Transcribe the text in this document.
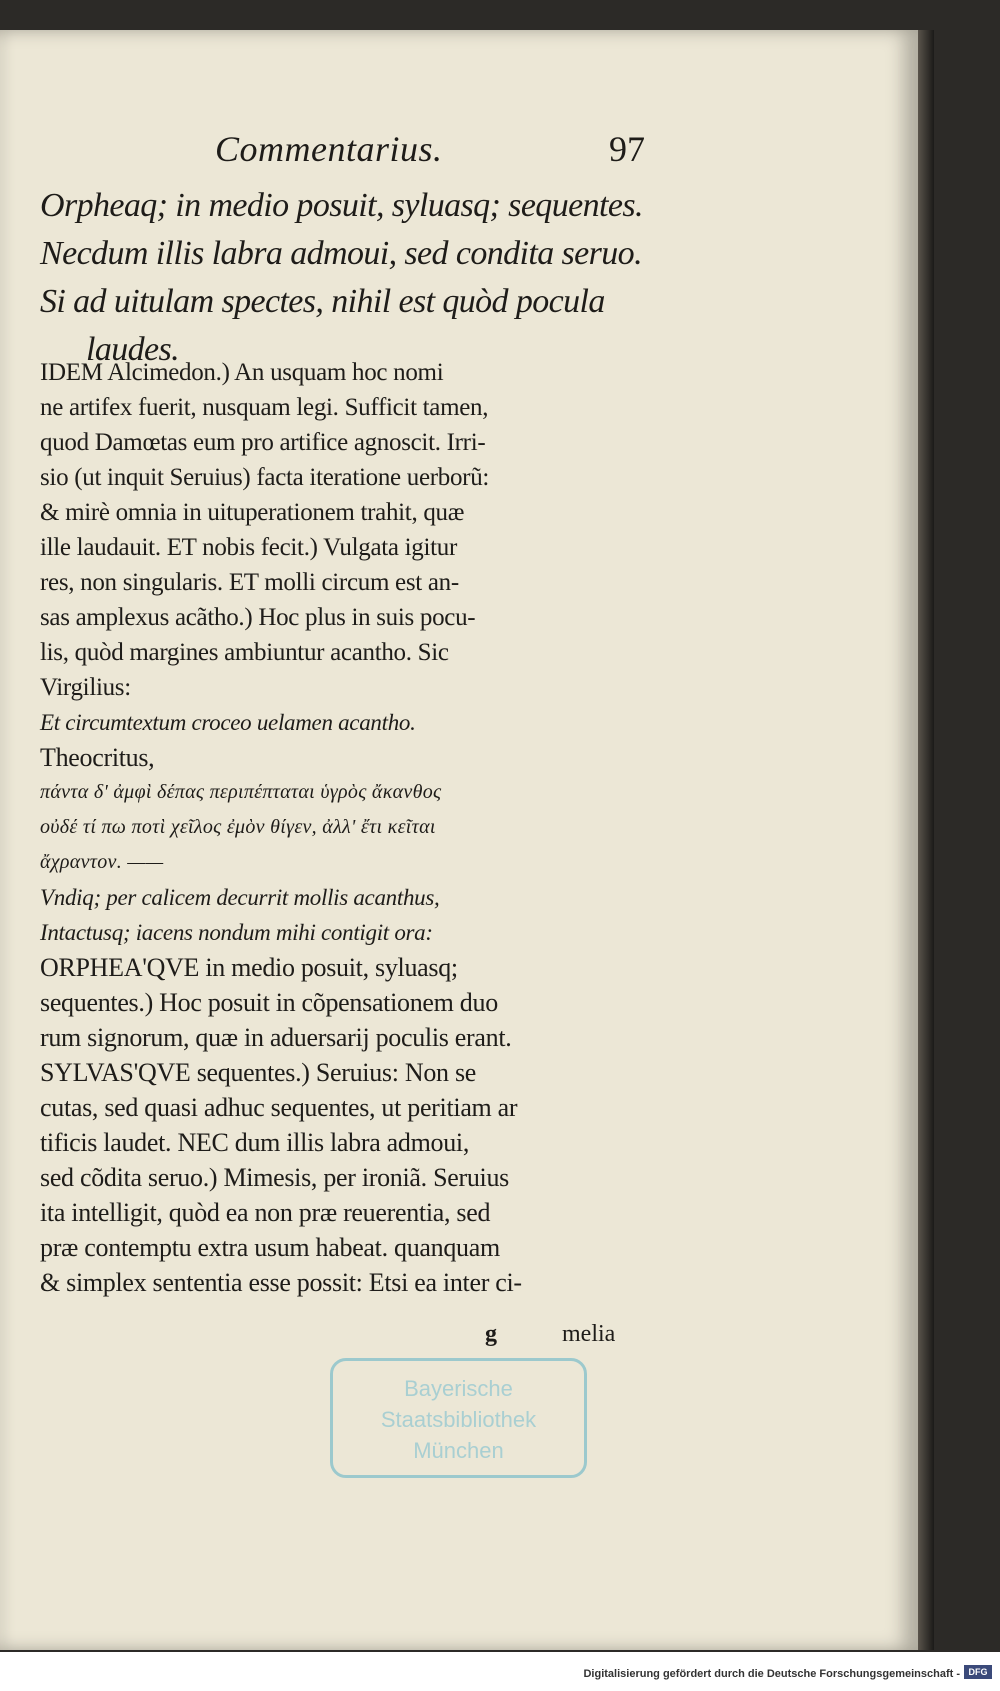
Commentarius.	97
Orpheaq; in medio posuit, syluasq; sequentes.
Necdum illis labra admoui, sed condita seruo.
Si ad uitulam spectes, nihil est quòd pocula
laudes.
IDEM Alcimedon.) An usquam hoc nomi
ne artifex fuerit, nusquam legi. Sufficit tamen,
quod Damœtas eum pro artifice agnoscit. Irri-
sio (ut inquit Seruius) facta iteratione uerborũ:
& mirè omnia in uituperationem trahit, quæ
ille laudauit. ET nobis fecit.) Vulgata igitur
res, non singularis. ET molli circum est an-
sas amplexus acãtho.) Hoc plus in suis pocu-
lis, quòd margines ambiuntur acantho. Sic
Virgilius:
Et circumtextum croceo uelamen acantho.
Theocritus,
πάντα δ' ἀμφὶ δέπας περιπέπταται ὑγρὸς ἄκανθος
οὐδέ τί πω ποτὶ χεῖλος ἐμὸν θίγεν, ἀλλ' ἔτι κεῖται
ἄχραντον. ——
Vndiq; per calicem decurrit mollis acanthus,
Intactusq; iacens nondum mihi contigit ora:
ORPHEA'QVE in medio posuit, syluasq;
sequentes.) Hoc posuit in cõpensationem duo
rum signorum, quæ in aduersarij poculis erant.
SYLVAS'QVE sequentes.) Seruius: Non se
cutas, sed quasi adhuc sequentes, ut peritiam ar
tificis laudet. NEC dum illis labra admoui,
sed cõdita seruo.) Mimesis, per ironiã. Seruius
ita intelligit, quòd ea non præ reuerentia, sed
præ contemptu extra usum habeat. quanquam
& simplex sententia esse possit: Etsi ea inter ci-
g	melia
Bayerische
Staatsbibliothek
München
Digitalisierung gefördert durch die Deutsche Forschungsgemeinschaft - DFG
